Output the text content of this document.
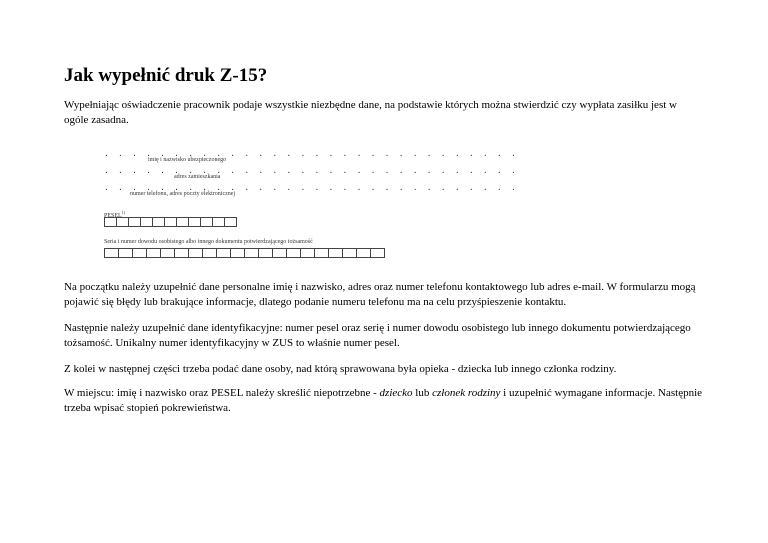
Jak wypełnić druk Z-15?

Wypełniając oświadczenie pracownik podaje wszystkie niezbędne dane, na podstawie których można stwierdzić czy wypłata zasiłku jest w ogóle zasadna.

Na początku należy uzupełnić dane personalne imię i nazwisko, adres oraz numer telefonu kontaktowego lub adres e-mail. W formularzu mogą pojawić się błędy lub brakujące informacje, dlatego podanie numeru telefonu ma na celu przyśpieszenie kontaktu.

Następnie należy uzupełnić dane identyfikacyjne: numer pesel oraz serię i numer dowodu osobistego lub innego dokumentu potwierdzającego tożsamość. Unikalny numer identyfikacyjny w ZUS to właśnie numer pesel.

Z kolei w następnej części trzeba podać dane osoby, nad którą sprawowana była opieka - dziecka lub innego członka rodziny.

W miejscu: imię i nazwisko oraz PESEL należy skreślić niepotrzebne - dziecko lub członek rodziny i uzupełnić wymagane informacje. Następnie trzeba wpisać stopień pokrewieństwa.

. . . . . . . . . . . . . . . . . . . . . . . . . . . . . .
imię i nazwisko ubezpieczonego
. . . . . . . . . . . . . . . . . . . . . . . . . . . . . .
adres zamieszkania
. . . . . . . . . . . . . . . . . . . . . . . . . . . . . .
numer telefonu, adres poczty elektronicznej
PESEL$^{1)}$
Seria i numer dowodu osobistego albo innego dokumentu potwierdzającego tożsamość
